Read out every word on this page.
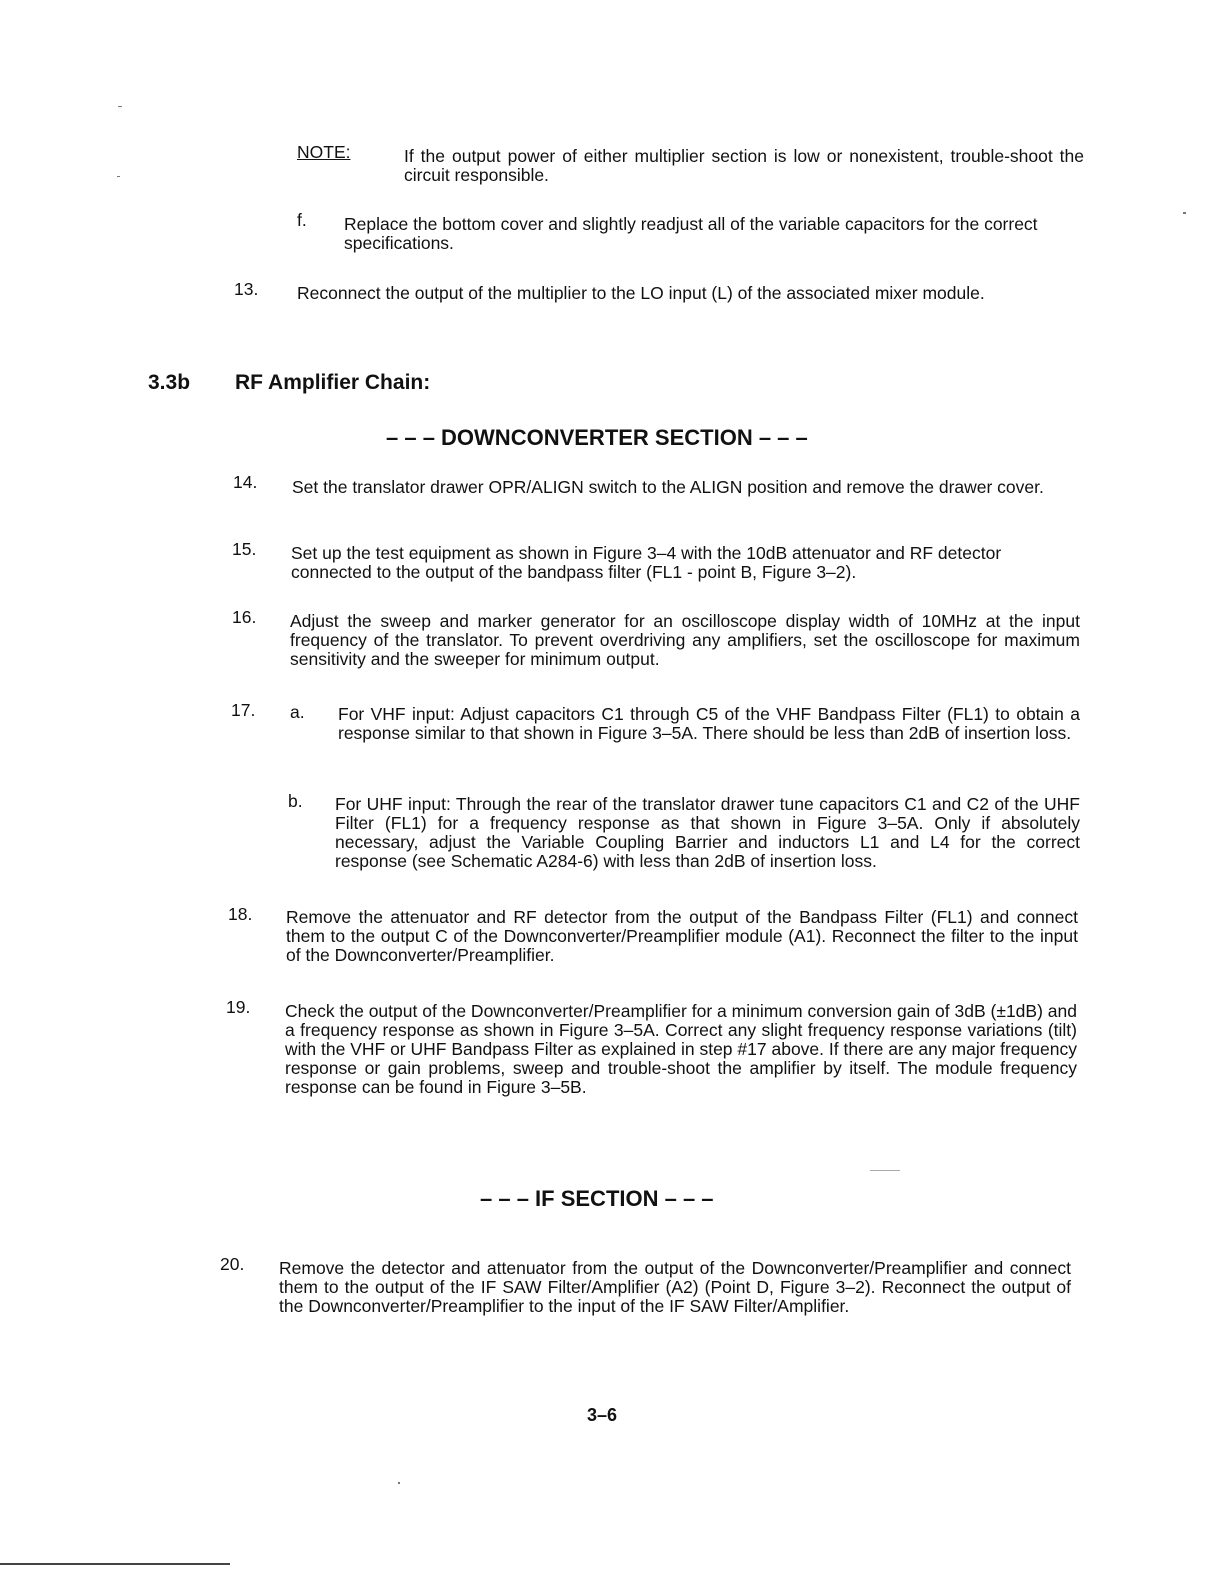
NOTE:	If the output power of either multiplier section is low or nonexistent, trouble-shoot the circuit responsible.
f. Replace the bottom cover and slightly readjust all of the variable capacitors for the correct specifications.
13. Reconnect the output of the multiplier to the LO input (L) of the associated mixer module.
3.3b RF Amplifier Chain:
– – – DOWNCONVERTER SECTION – – –
14. Set the translator drawer OPR/ALIGN switch to the ALIGN position and remove the drawer cover.
15. Set up the test equipment as shown in Figure 3–4 with the 10dB attenuator and RF detector connected to the output of the bandpass filter (FL1 - point B, Figure 3–2).
16. Adjust the sweep and marker generator for an oscilloscope display width of 10MHz at the input frequency of the translator. To prevent overdriving any amplifiers, set the oscilloscope for maximum sensitivity and the sweeper for minimum output.
17. a. For VHF input: Adjust capacitors C1 through C5 of the VHF Bandpass Filter (FL1) to obtain a response similar to that shown in Figure 3–5A. There should be less than 2dB of insertion loss.
b. For UHF input: Through the rear of the translator drawer tune capacitors C1 and C2 of the UHF Filter (FL1) for a frequency response as that shown in Figure 3–5A. Only if absolutely necessary, adjust the Variable Coupling Barrier and inductors L1 and L4 for the correct response (see Schematic A284-6) with less than 2dB of insertion loss.
18. Remove the attenuator and RF detector from the output of the Bandpass Filter (FL1) and connect them to the output C of the Downconverter/Preamplifier module (A1). Reconnect the filter to the input of the Downconverter/Preamplifier.
19. Check the output of the Downconverter/Preamplifier for a minimum conversion gain of 3dB (±1dB) and a frequency response as shown in Figure 3–5A. Correct any slight frequency response variations (tilt) with the VHF or UHF Bandpass Filter as explained in step #17 above. If there are any major frequency response or gain problems, sweep and trouble-shoot the amplifier by itself. The module frequency response can be found in Figure 3–5B.
– – – IF SECTION – – –
20. Remove the detector and attenuator from the output of the Downconverter/Preamplifier and connect them to the output of the IF SAW Filter/Amplifier (A2) (Point D, Figure 3–2). Reconnect the output of the Downconverter/Preamplifier to the input of the IF SAW Filter/Amplifier.
3–6
